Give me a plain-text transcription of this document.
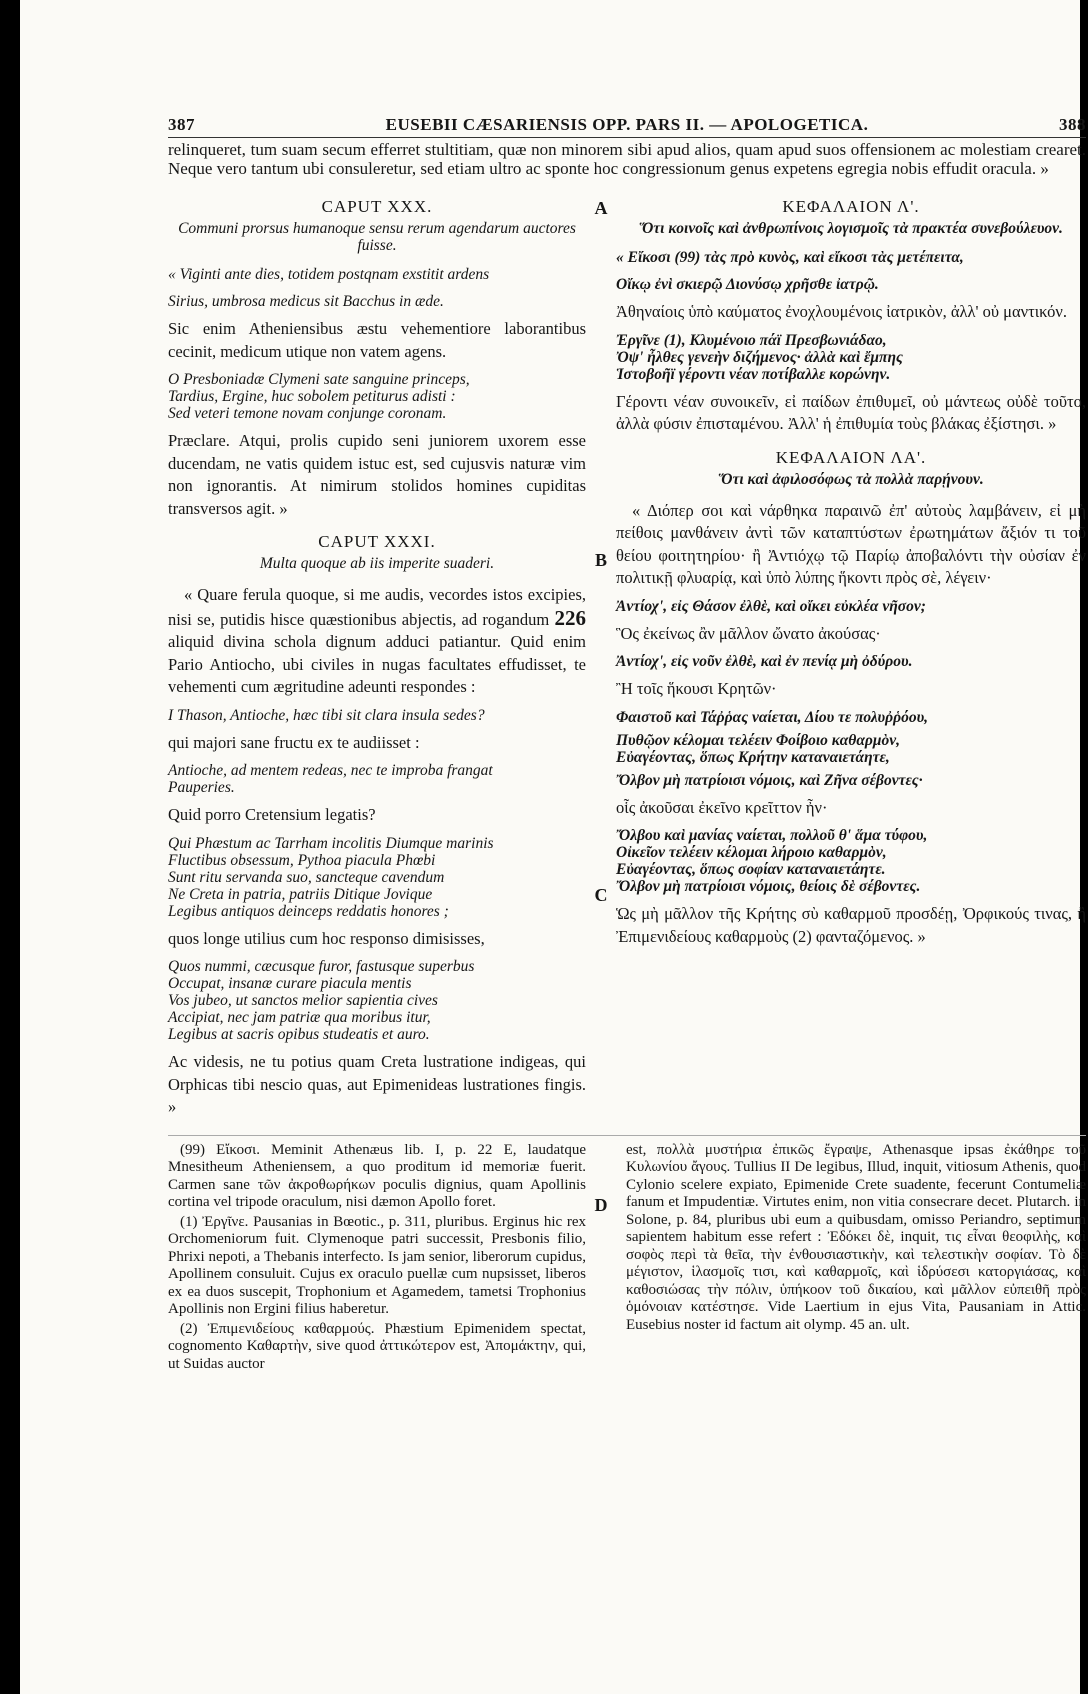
387	EUSEBII CÆSARIENSIS OPP. PARS II. — APOLOGETICA.	388

relinqueret, tum suam secum efferret stultitiam, quæ non minorem sibi apud alios, quam apud suos offensionem ac molestiam crearet. Neque vero tantum ubi consuleretur, sed etiam ultro ac sponte hoc congressionum genus expetens egregia nobis effudit oracula. »

CAPUT XXX.
Communi prorsus humanoque sensu rerum agendarum auctores fuisse.
« Viginti ante dies, totidem postqnam exstitit ardens
Sirius, umbrosa medicus sit Bacchus in æde.

Sic enim Atheniensibus æstu vehementiore laborantibus cecinit, medicum utique non vatem agens.

O Presboniadæ Clymeni sate sanguine princeps,
Tardius, Ergine, huc sobolem petiturus adisti :
Sed veteri temone novam conjunge coronam.

Præclare. Atqui, prolis cupido seni juniorem uxorem esse ducendam, ne vatis quidem istuc est, sed cujusvis naturæ vim non ignorantis. At nimirum stolidos homines cupiditas transversos agit. »

CAPUT XXXI.
Multa quoque ab iis imperite suaderi.

« Quare ferula quoque, si me audis, vecordes istos excipies, nisi se, putidis hisce quæstionibus abjectis, ad rogandum 226 aliquid divina schola dignum adduci patiantur. Quid enim Pario Antiocho, ubi civiles in nugas facultates effudisset, te vehementi cum ægritudine adeunti respondes :

I Thason, Antioche, hæc tibi sit clara insula sedes?

qui majori sane fructu ex te audiisset :

Antioche, ad mentem redeas, nec te improba frangat
Pauperies.

Quid porro Cretensium legatis?

Qui Phæstum ac Tarrham incolitis Diumque marinis
Fluctibus obsessum, Pythoa piacula Phœbi
Sunt ritu servanda suo, sancteque cavendum
Ne Creta in patria, patriis Ditique Jovique
Legibus antiquos deinceps reddatis honores ;

quos longe utilius cum hoc responso dimisisses,

Quos nummi, cæcusque furor, fastusque superbus
Occupat, insanæ curare piacula mentis
Vos jubeo, ut sanctos melior sapientia cives
Accipiat, nec jam patriæ qua moribus itur,
Legibus at sacris opibus studeatis et auro.

Ac videsis, ne tu potius quam Creta lustratione indigeas, qui Orphicas tibi nescio quas, aut Epimenideas lustrationes fingis. »

A
B
C
D
ΚΕΦΑΛΑΙΟΝ Λ'.
Ὅτι κοινοῖς καὶ ἀνθρωπίνοις λογισμοῖς τὰ πρακτέα συνεβούλευον.
« Εἴκοσι (99) τὰς πρὸ κυνὸς, καὶ εἴκοσι τὰς μετέπειτα,
Οἴκῳ ἐνὶ σκιερῷ Διονύσῳ χρῆσθε ἰατρῷ.

Ἀθηναίοις ὑπὸ καύματος ἐνοχλουμένοις ἰατρικὸν, ἀλλ' οὐ μαντικόν.

Ἐργῖνε (1), Κλυμένοιο πάϊ Πρεσβωνιάδαο,
Ὀψ' ἦλθες γενεὴν διζήμενος· ἀλλὰ καὶ ἔμπης
Ἱστοβοῆϊ γέροντι νέαν ποτίβαλλε κορώνην.

Γέροντι νέαν συνοικεῖν, εἰ παίδων ἐπιθυμεῖ, οὐ μάντεως οὐδὲ τοῦτο, ἀλλὰ φύσιν ἐπισταμένου. Ἀλλ' ἡ ἐπιθυμία τοὺς βλάκας ἐξίστησι. »

ΚΕΦΑΛΑΙΟΝ ΛΑ'.
Ὅτι καὶ ἀφιλοσόφως τὰ πολλὰ παρῄνουν.

« Διόπερ σοι καὶ νάρθηκα παραινῶ ἐπ' αὐτοὺς λαμβάνειν, εἰ μὴ πείθοις μανθάνειν ἀντὶ τῶν καταπτύστων ἐρωτημάτων ἄξιόν τι τοῦ θείου φοιτητηρίου· ἢ Ἀντιόχῳ τῷ Παρίῳ ἀποβαλόντι τὴν οὐσίαν ἐν πολιτικῇ φλυαρίᾳ, καὶ ὑπὸ λύπης ἥκοντι πρὸς σὲ, λέγειν·

Ἀντίοχ', εἰς Θάσον ἐλθὲ, καὶ οἴκει εὐκλέα νῆσον;

Ὃς ἐκείνως ἂν μᾶλλον ὤνατο ἀκούσας·

Ἀντίοχ', εἰς νοῦν ἐλθὲ, καὶ ἐν πενίᾳ μὴ ὀδύρου.

Ἢ τοῖς ἥκουσι Κρητῶν·

Φαιστοῦ καὶ Τάῤῥας ναίεται, Δίου τε πολυῤῥόου,
Πυθῷον κέλομαι τελέειν Φοίβοιο καθαρμὸν,
Εὐαγέοντας, ὅπως Κρήτην καταναιετάητε,
Ὄλβον μὴ πατρίοισι νόμοις, καὶ Ζῆνα σέβοντες·

οἷς ἀκοῦσαι ἐκεῖνο κρεῖττον ἦν·

Ὄλβου καὶ μανίας ναίεται, πολλοῦ θ' ἅμα τύφου,
Οἰκεῖον τελέειν κέλομαι λήροιο καθαρμὸν,
Εὐαγέοντας, ὅπως σοφίαν καταναιετάητε.
Ὄλβον μὴ πατρίοισι νόμοις, θείοις δὲ σέβοντες.

Ὡς μὴ μᾶλλον τῆς Κρήτης σὺ καθαρμοῦ προσδέῃ, Ὀρφικούς τινας, ἢ Ἐπιμενιδείους καθαρμοὺς (2) φανταζόμενος. »

(99) Εἴκοσι. Meminit Athenæus lib. I, p. 22 E, laudatque Mnesitheum Atheniensem, a quo proditum id memoriæ fuerit. Carmen sane τῶν ἀκροθωρήκων poculis dignius, quam Apollinis cortina vel tripode oraculum, nisi dæmon Apollo foret.

(1) Ἐργῖνε. Pausanias in Bœotic., p. 311, pluribus. Erginus hic rex Orchomeniorum fuit. Clymenoque patri successit, Presbonis filio, Phrixi nepoti, a Thebanis interfecto. Is jam senior, liberorum cupidus, Apollinem consuluit. Cujus ex oraculo puellæ cum nupsisset, liberos ex ea duos suscepit, Trophonium et Agamedem, tametsi Trophonius Apollinis non Ergini filius haberetur.

(2) Ἐπιμενιδείους καθαρμούς. Phæstium Epimenidem spectat, cognomento Καθαρτὴν, sive quod ἀττικώτερον est, Ἀπομάκτην, qui, ut Suidas auctor

est, πολλὰ μυστήρια ἐπικῶς ἔγραψε, Athenasque ipsas ἐκάθηρε τοῦ Κυλωνίου ἄγους. Tullius II De legibus, Illud, inquit, vitiosum Athenis, quod Cylonio scelere expiato, Epimenide Crete suadente, fecerunt Contumeliæ fanum et Impudentiæ. Virtutes enim, non vitia consecrare decet. Plutarch. in Solone, p. 84, pluribus ubi eum a quibusdam, omisso Periandro, septimum sapientem habitum esse refert : Ἐδόκει δὲ, inquit, τις εἶναι θεοφιλὴς, καὶ σοφὸς περὶ τὰ θεῖα, τὴν ἐνθουσιαστικὴν, καὶ τελεστικὴν σοφίαν. Τὸ δὲ μέγιστον, ἱλασμοῖς τισι, καὶ καθαρμοῖς, καὶ ἱδρύσεσι κατοργιάσας, καὶ καθοσιώσας τὴν πόλιν, ὑπήκοον τοῦ δικαίου, καὶ μᾶλλον εὐπειθῆ πρὸς ὁμόνοιαν κατέστησε. Vide Laertium in ejus Vita, Pausaniam in Attic. Eusebius noster id factum ait olymp. 45 an. ult.
